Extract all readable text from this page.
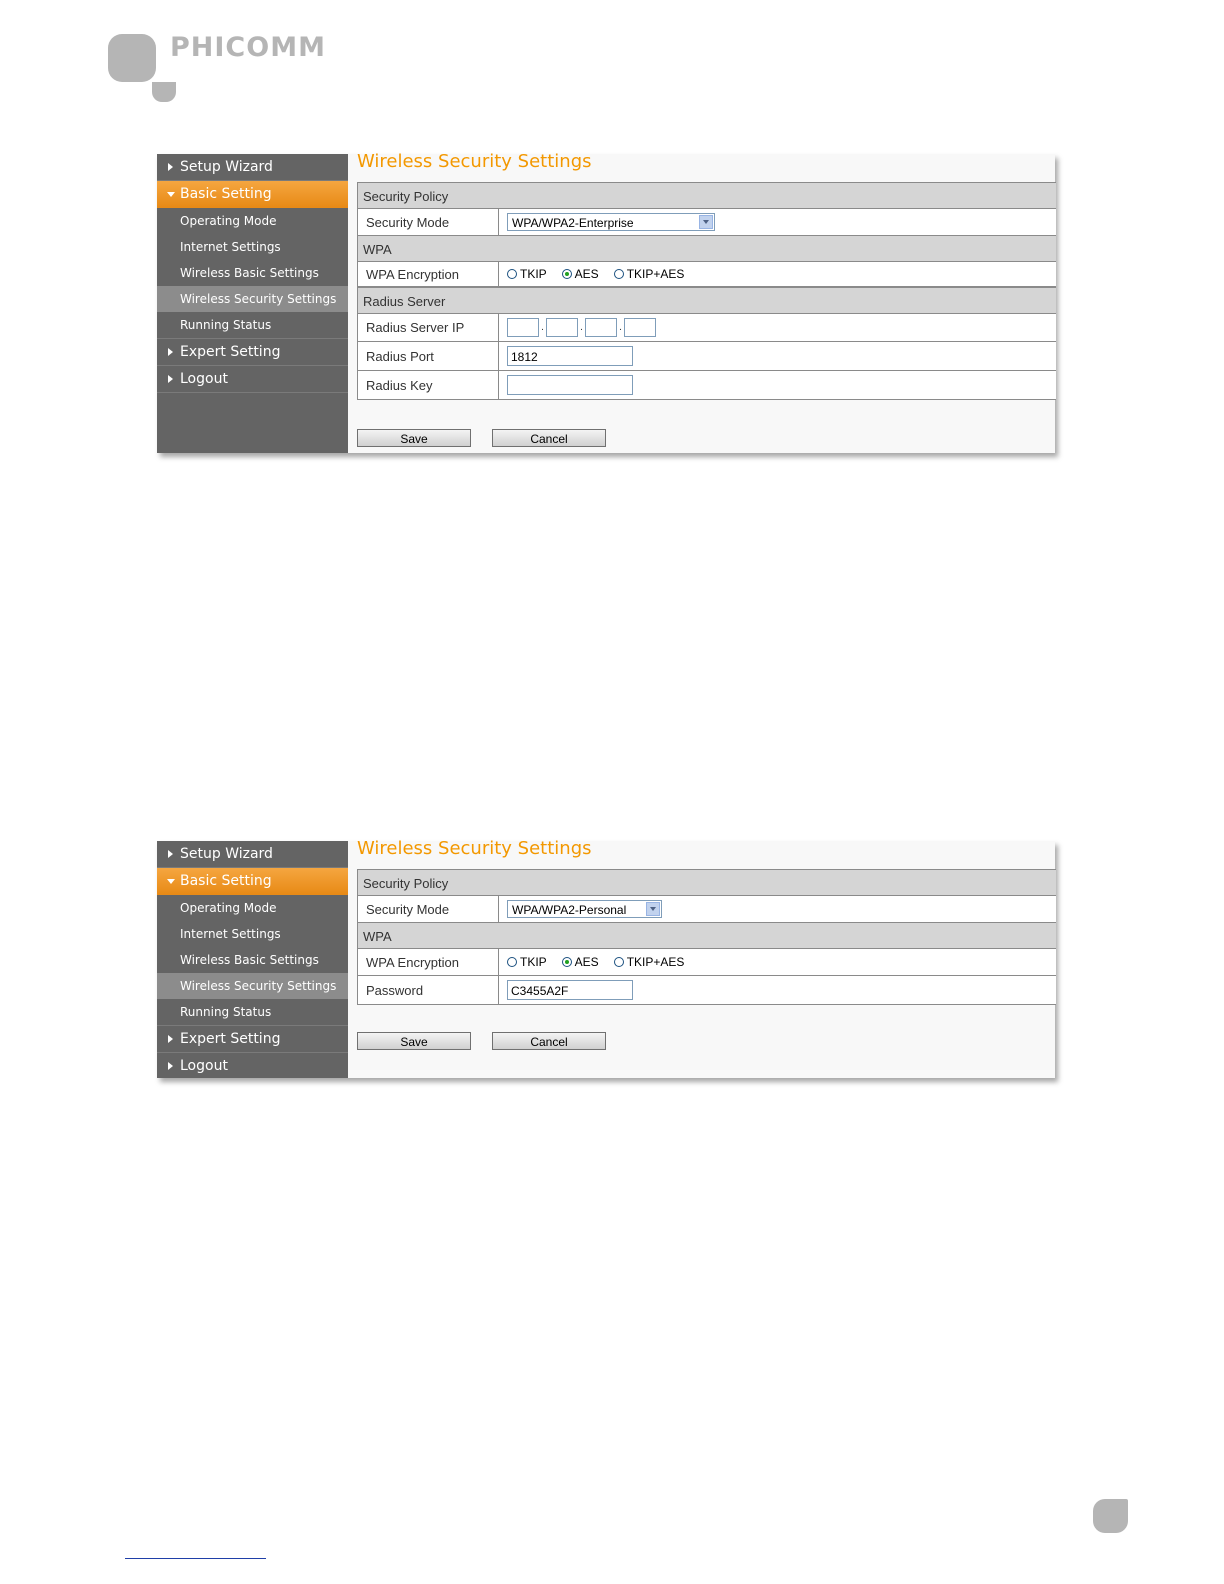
PHICOMM
Setup Wizard
Basic Setting
Operating Mode
Internet Settings
Wireless Basic Settings
Wireless Security Settings
Running Status
Expert Setting
Logout
Wireless Security Settings
Security Policy
Security Mode	WPA/WPA2-Enterprise
WPA
WPA Encryption	TKIP AES TKIP+AES
Radius Server
Radius Server IP	.	.	.
Radius Port	1812
Radius Key
Save	Cancel
Setup Wizard
Basic Setting
Operating Mode
Internet Settings
Wireless Basic Settings
Wireless Security Settings
Running Status
Expert Setting
Logout
Wireless Security Settings
Security Policy
Security Mode	WPA/WPA2-Personal
WPA
WPA Encryption	TKIP AES TKIP+AES
Password	C3455A2F
Save	Cancel
